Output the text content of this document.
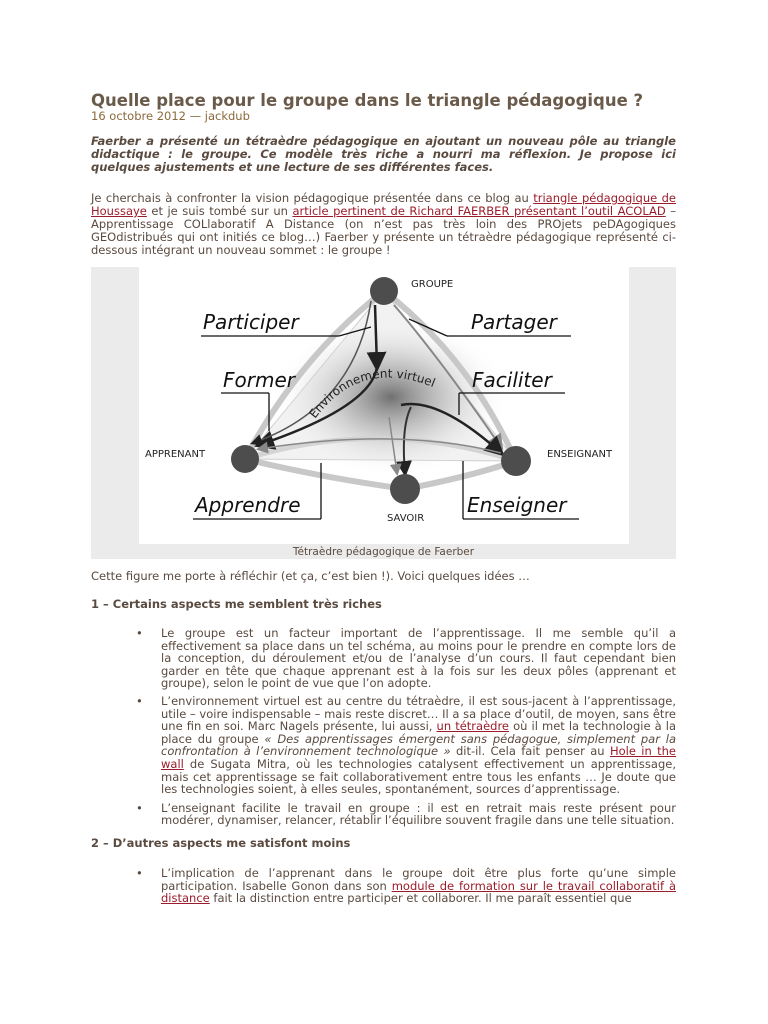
Quelle place pour le groupe dans le triangle pédagogique ?
16 octobre 2012 — jackdub

Faerber a présenté un tétraèdre pédagogique en ajoutant un nouveau pôle au triangle didactique : le groupe. Ce modèle très riche a nourri ma réflexion. Je propose ici quelques ajustements et une lecture de ses différentes faces.

Je cherchais à confronter la vision pédagogique présentée dans ce blog au triangle pédagogique de Houssaye et je suis tombé sur un article pertinent de Richard FAERBER présentant l’outil ACOLAD – Apprentissage COLlaboratif A Distance (on n’est pas très loin des PROjets peDAgogiques GEOdistribués qui ont initiés ce blog…) Faerber y présente un tétraèdre pédagogique représenté ci-dessous intégrant un nouveau sommet : le groupe !

Environnement virtuel
GROUPE
APPRENANT	ENSEIGNANT
SAVOIR
Participer	Partager
Former	Faciliter
Apprendre	Enseigner
Tétraèdre pédagogique de Faerber

Cette figure me porte à réfléchir (et ça, c’est bien !). Voici quelques idées …

1 – Certains aspects me semblent très riches
• Le groupe est un facteur important de l’apprentissage. Il me semble qu’il a effectivement sa place dans un tel schéma, au moins pour le prendre en compte lors de la conception, du déroulement et/ou de l’analyse d’un cours. Il faut cependant bien garder en tête que chaque apprenant est à la fois sur les deux pôles (apprenant et groupe), selon le point de vue que l’on adopte.
• L’environnement virtuel est au centre du tétraèdre, il est sous-jacent à l’apprentissage, utile – voire indispensable – mais reste discret… Il a sa place d’outil, de moyen, sans être une fin en soi. Marc Nagels présente, lui aussi, un tétraèdre où il met la technologie à la place du groupe « Des apprentissages émergent sans pédagogue, simplement par la confrontation à l’environnement technologique » dit-il. Cela fait penser au Hole in the wall de Sugata Mitra, où les technologies catalysent effectivement un apprentissage, mais cet apprentissage se fait collaborativement entre tous les enfants … Je doute que les technologies soient, à elles seules, spontanément, sources d’apprentissage.
• L’enseignant facilite le travail en groupe : il est en retrait mais reste présent pour modérer, dynamiser, relancer, rétablir l’équilibre souvent fragile dans une telle situation.
2 – D’autres aspects me satisfont moins
• L’implication de l’apprenant dans le groupe doit être plus forte qu’une simple participation. Isabelle Gonon dans son module de formation sur le travail collaboratif à distance fait la distinction entre participer et collaborer. Il me paraît essentiel que
